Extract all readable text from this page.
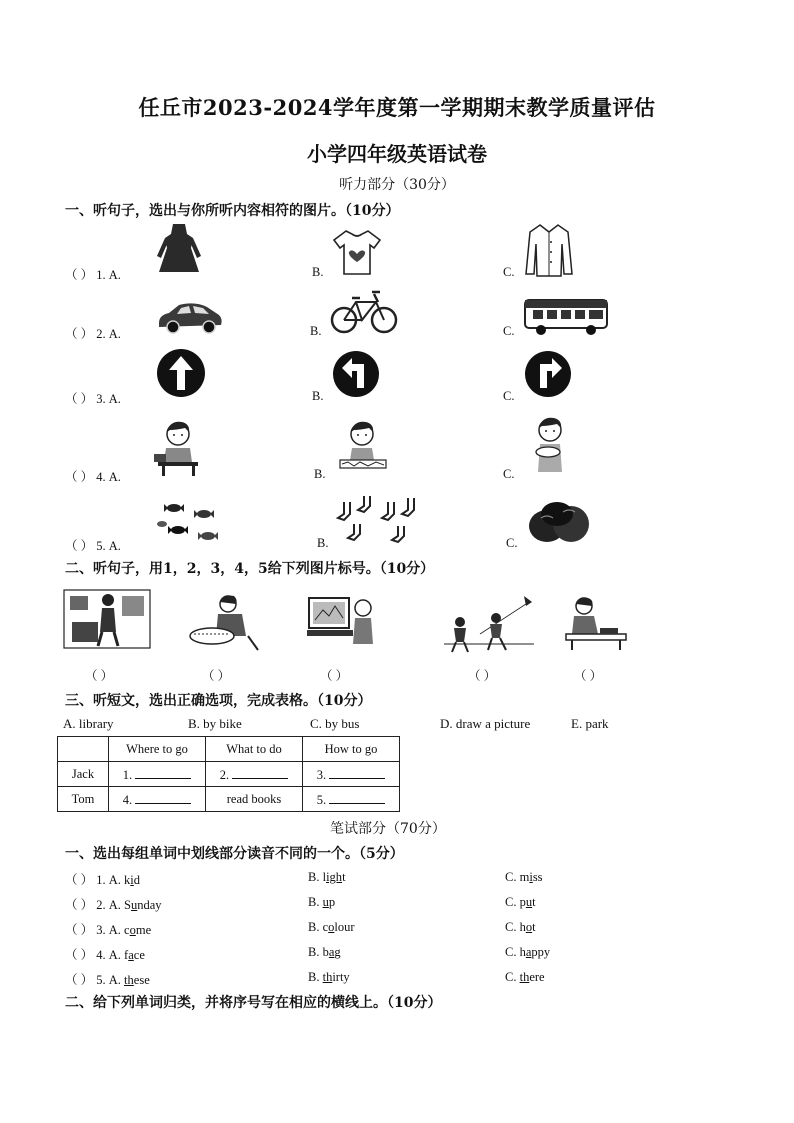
任丘市2023-2024学年度第一学期期末教学质量评估
小学四年级英语试卷
听力部分（30分）
一、听句子，选出与你所听内容相符的图片。（10分）
（ ） 1. A.	B.	C.
（ ） 2. A.	B.	C.
（ ） 3. A.	B.	C.
（ ） 4. A.	B.	C.
（ ） 5. A.	B.	C.
二、听句子，用1，2，3，4，5给下列图片标号。（10分）
（ ）	（ ）	（ ）	（ ）	（ ）
三、听短文，选出正确选项，完成表格。（10分）
A. library	B. by bike	C. by bus	D. draw a picture	E. park
	Where to go	What to do	How to go
Jack	1.	2.	3.
Tom	4.	read books	5.
笔试部分（70分）
一、选出每组单词中划线部分读音不同的一个。（5分）
（ ） 1. A. kid	B. light	C. miss
（ ） 2. A. Sunday	B. up	C. put
（ ） 3. A. come	B. colour	C. hot
（ ） 4. A. face	B. bag	C. happy
（ ） 5. A. these	B. thirty	C. there
二、给下列单词归类，并将序号写在相应的横线上。（10分）
